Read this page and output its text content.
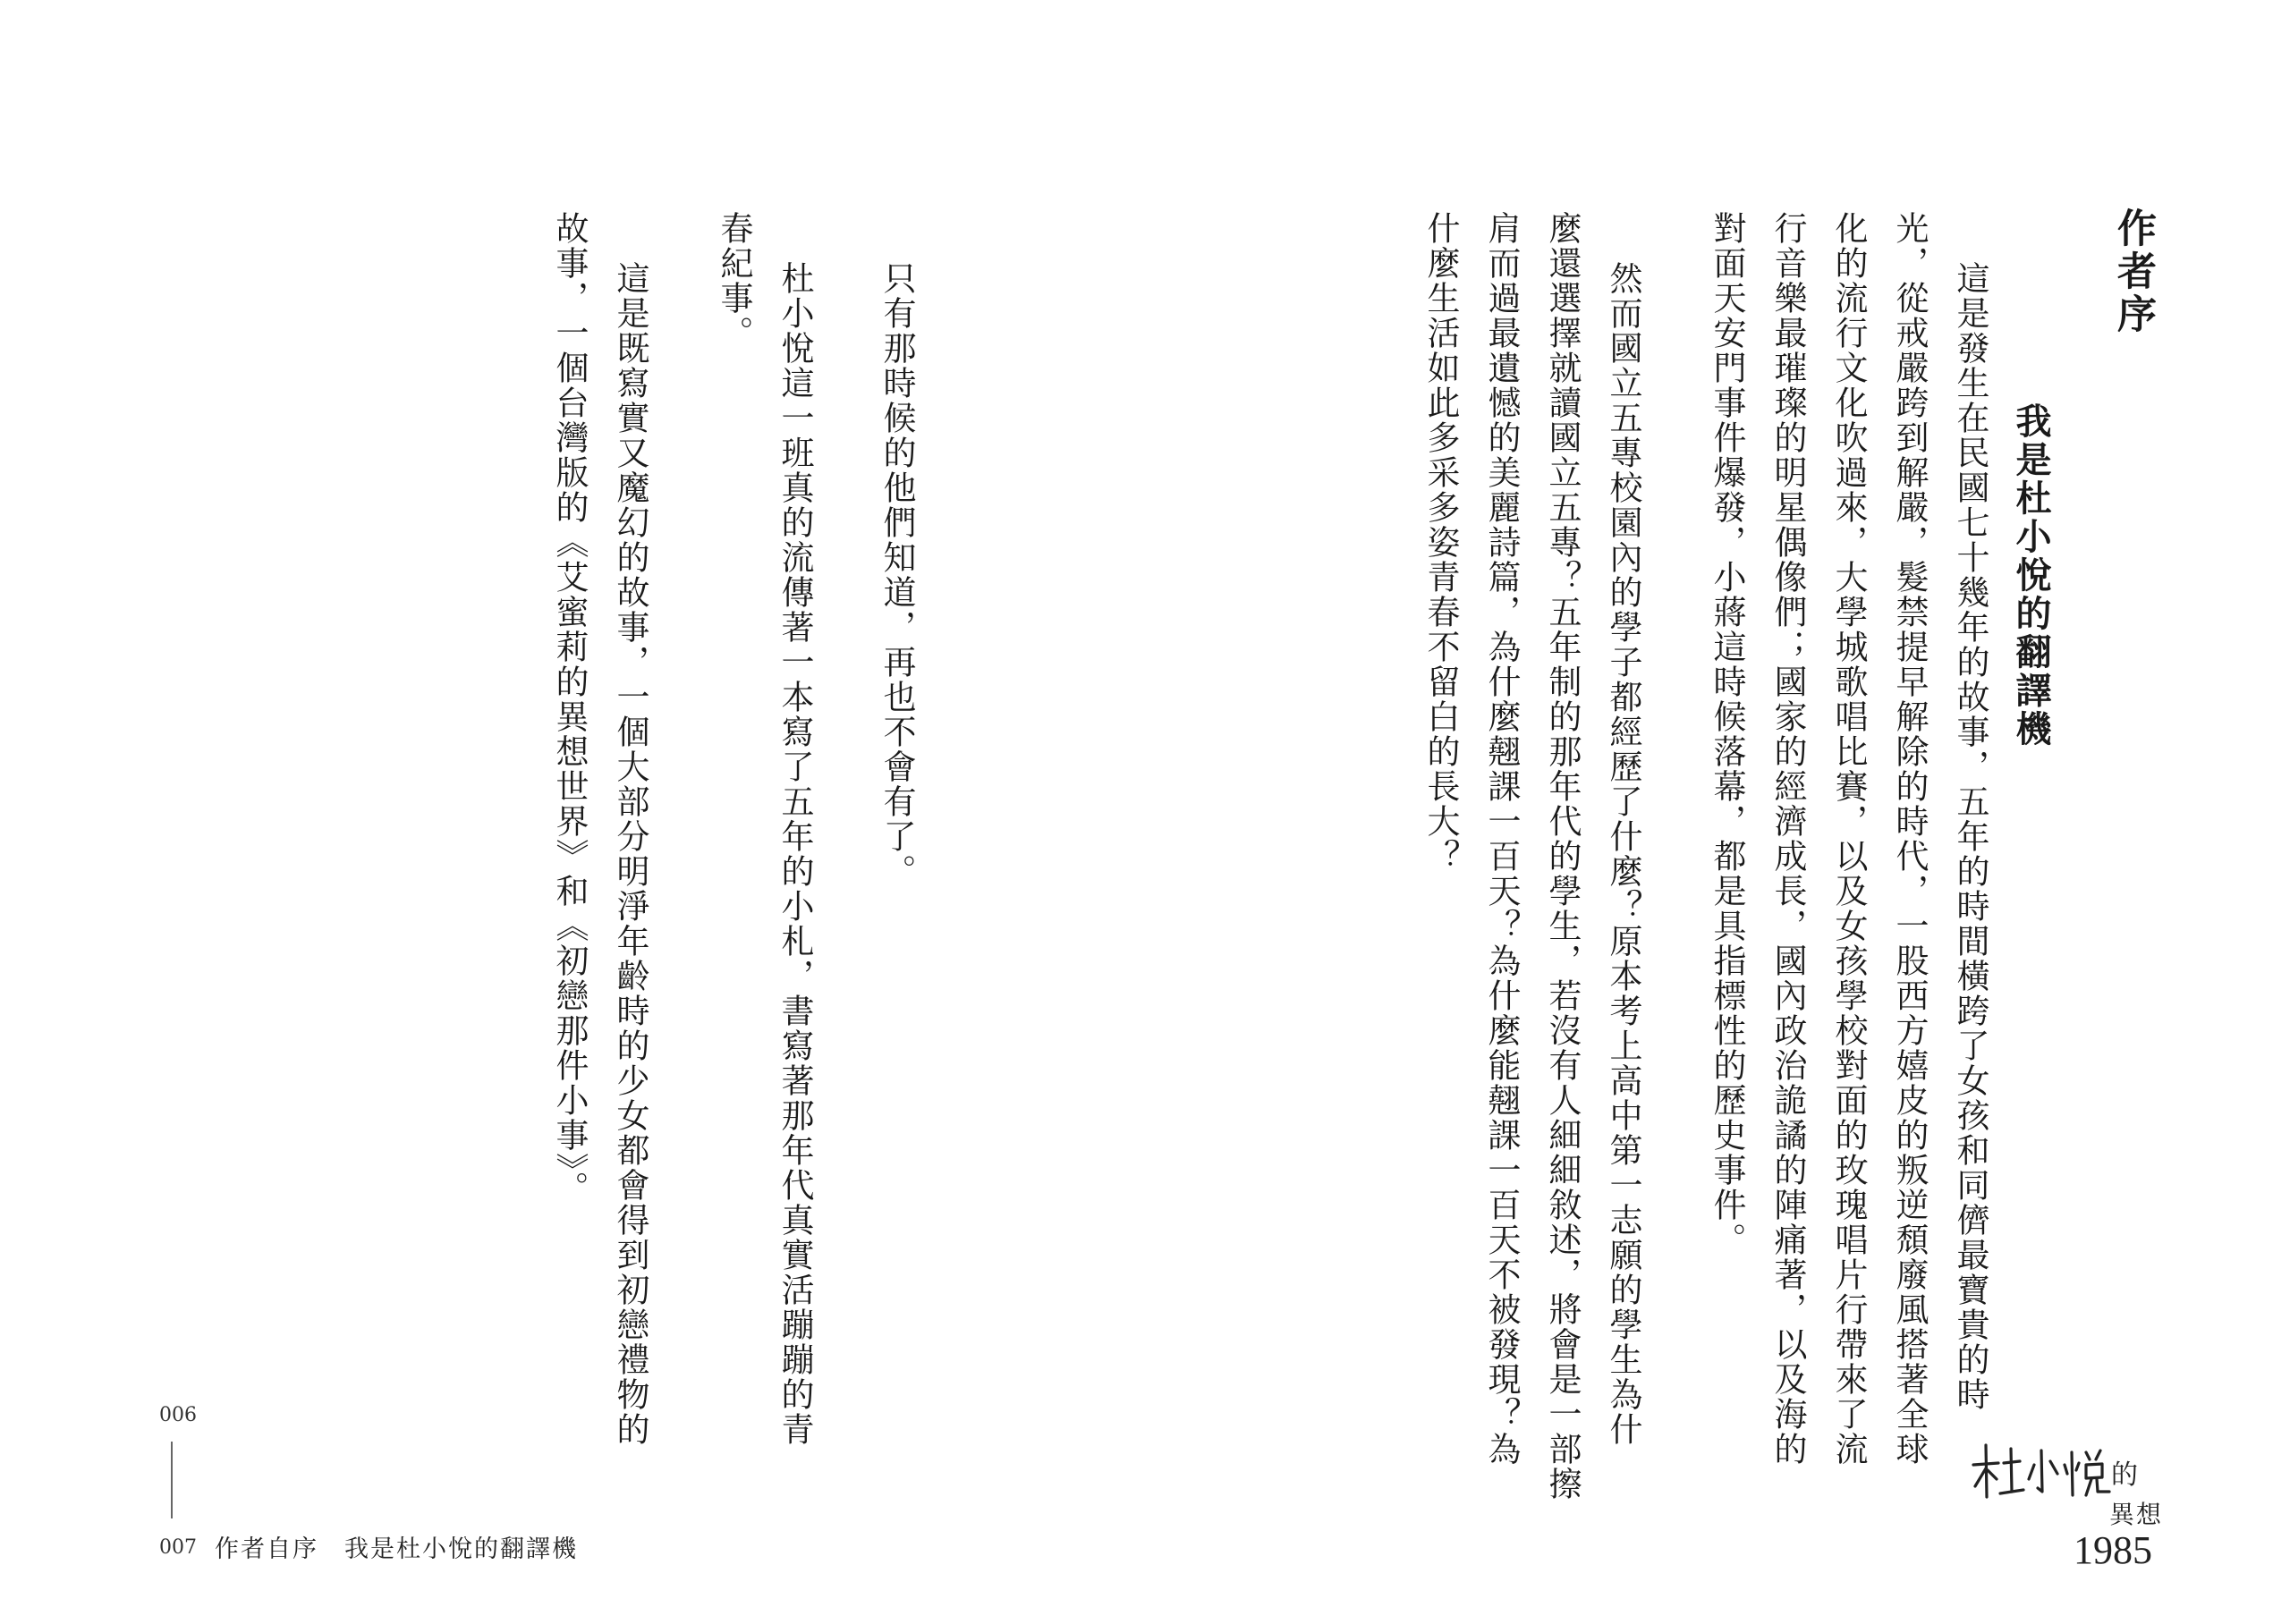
作者序
我是杜小悅的翻譯機
這是發生在民國七十幾年的故事，五年的時間橫跨了女孩和同儕最寶貴的時
光，從戒嚴跨到解嚴，髮禁提早解除的時代，一股西方嬉皮的叛逆頹廢風搭著全球
化的流行文化吹過來，大學城歌唱比賽，以及女孩學校對面的玫瑰唱片行帶來了流
行音樂最璀璨的明星偶像們；國家的經濟成長，國內政治詭譎的陣痛著，以及海的
對面天安門事件爆發，小蔣這時候落幕，都是具指標性的歷史事件。
然而國立五專校園內的學子都經歷了什麼？原本考上高中第一志願的學生為什
麼還選擇就讀國立五專？五年制的那年代的學生，若沒有人細細敘述，將會是一部擦
肩而過最遺憾的美麗詩篇，為什麼翹課一百天？為什麼能翹課一百天不被發現？為
什麼生活如此多采多姿青春不留白的長大？
只有那時候的他們知道，再也不會有了。
杜小悅這一班真的流傳著一本寫了五年的小札，書寫著那年代真實活蹦蹦的青
春紀事。
這是既寫實又魔幻的故事，一個大部分明淨年齡時的少女都會得到初戀禮物的
故事，一個台灣版的《艾蜜莉的異想世界》和《初戀那件小事》。
006
007 作者自序　我是杜小悅的翻譯機
的
異想
1985
